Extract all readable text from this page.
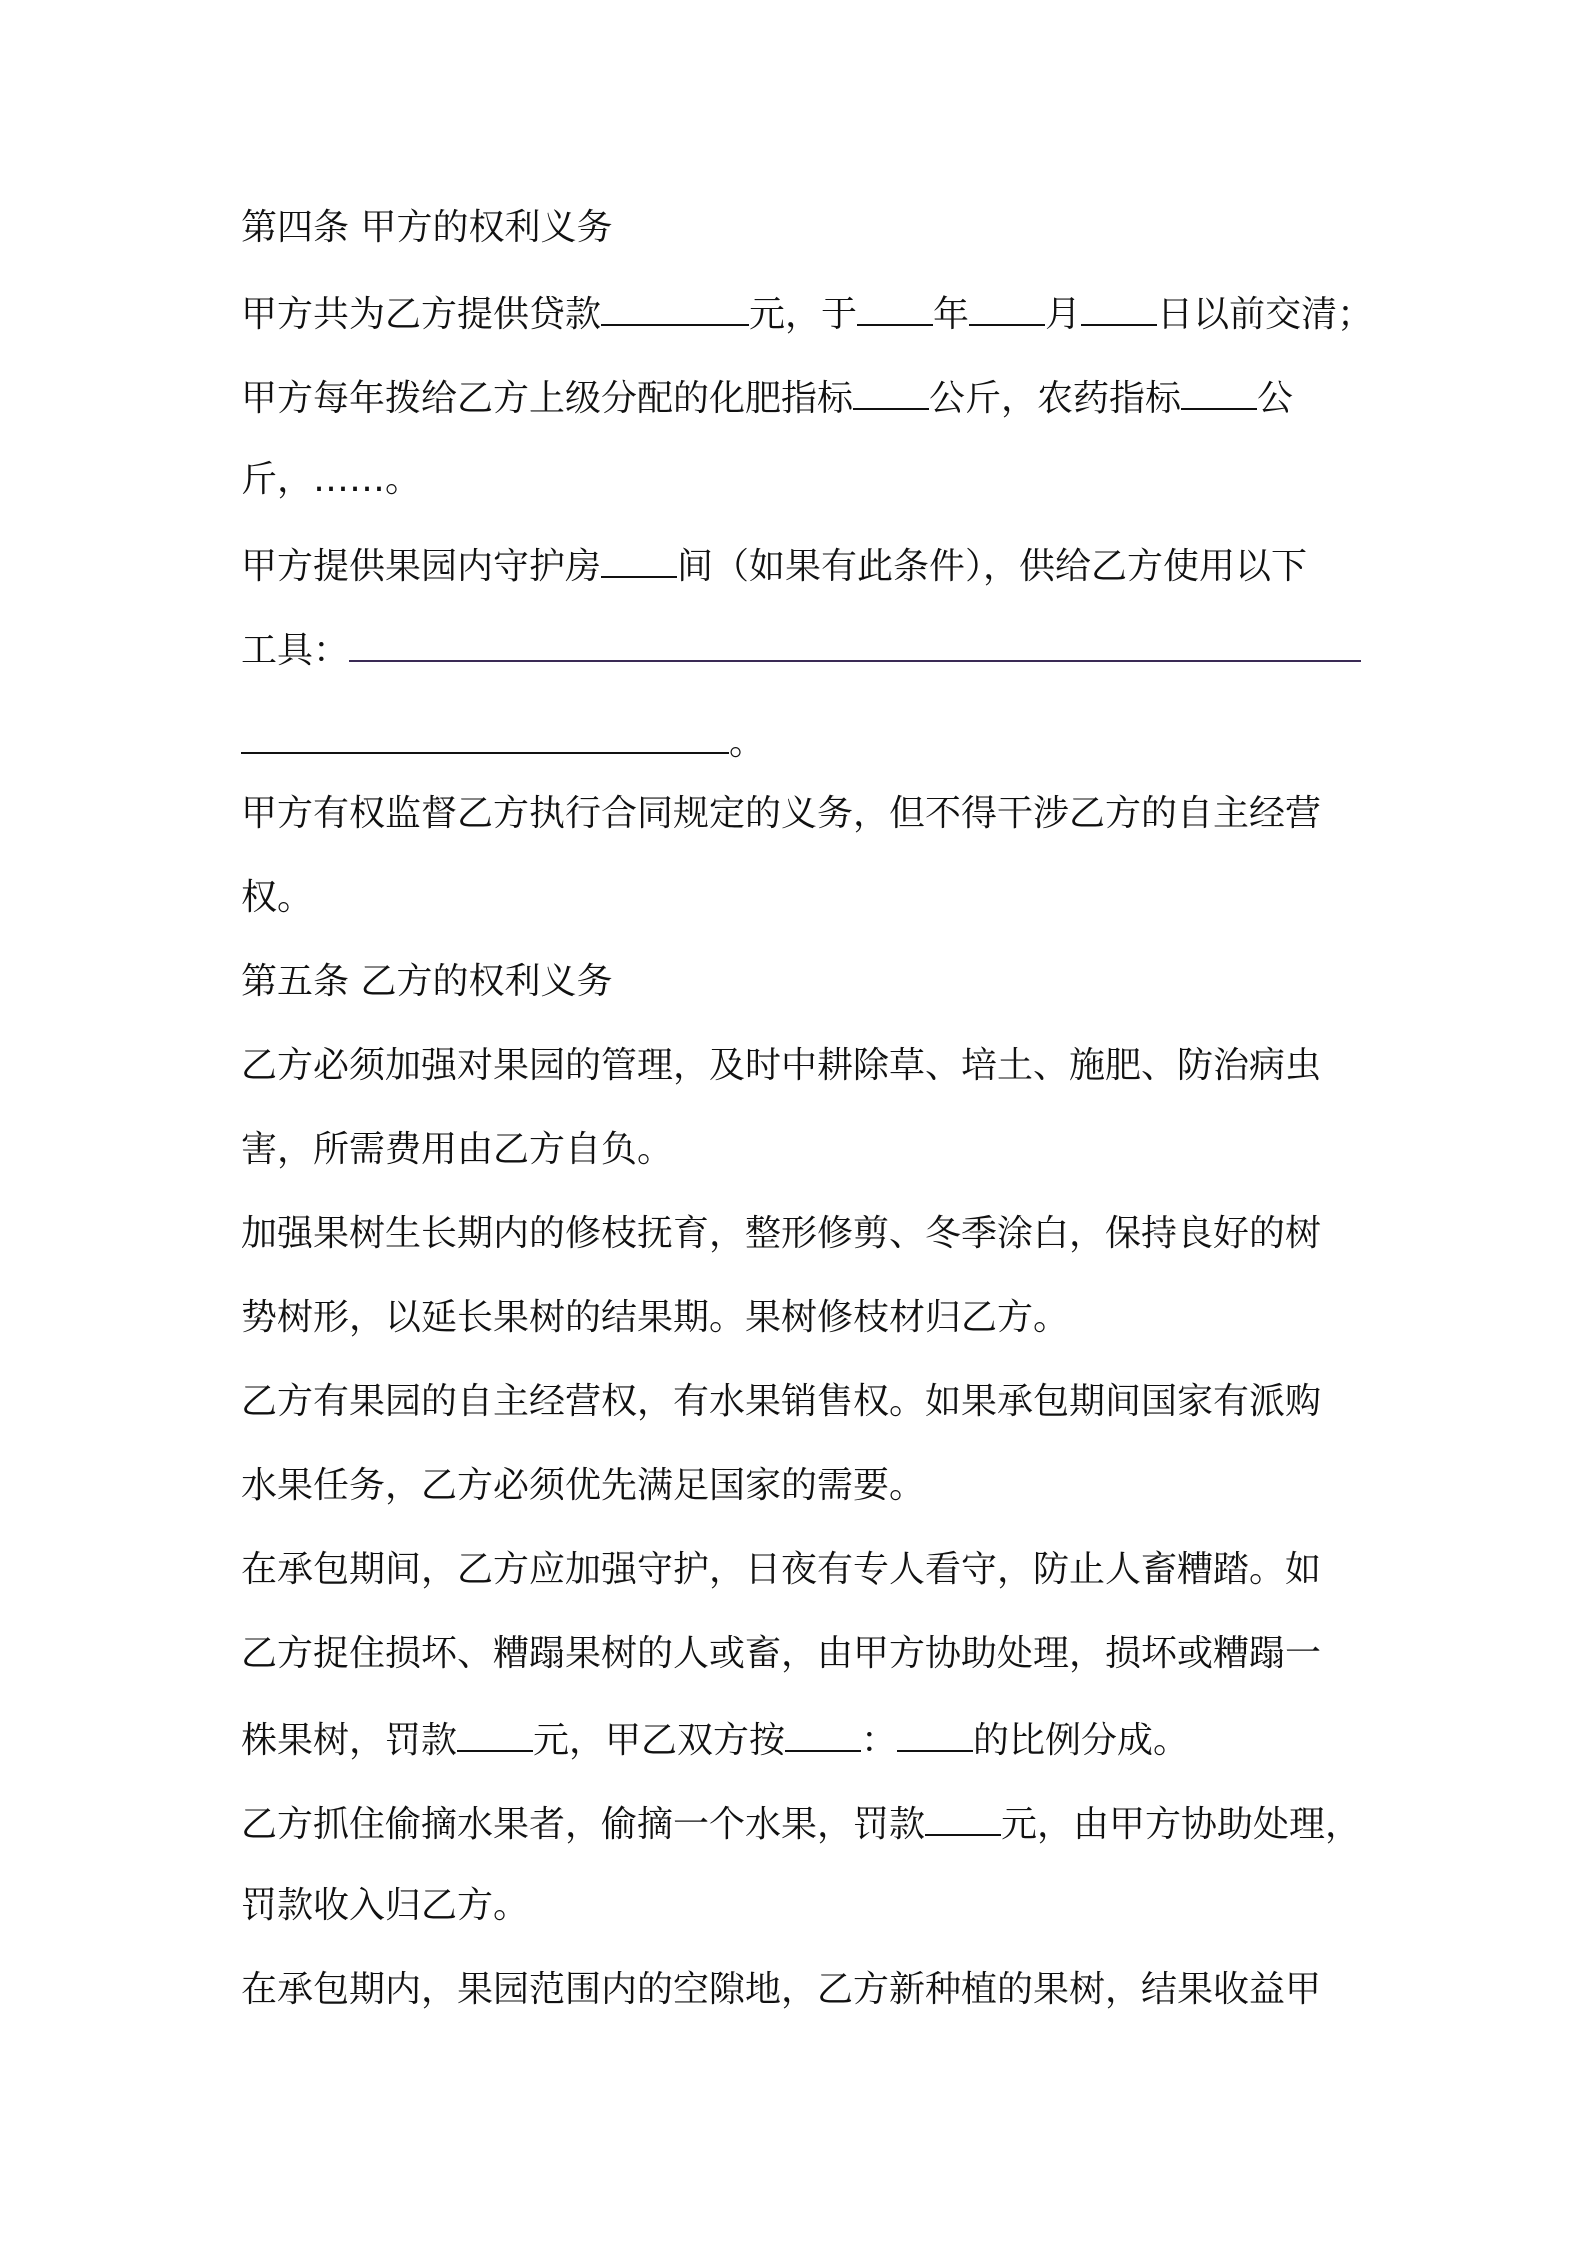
第四条 甲方的权利义务
甲方共为乙方提供贷款	元，于 年 月 日以前交清；
甲方每年拨给乙方上级分配的化肥指标 公斤，农药指标 公
斤，……。
甲方提供果园内守护房 间（如果有此条件），供给乙方使用以下
工具：
。
甲方有权监督乙方执行合同规定的义务，但不得干涉乙方的自主经营
权。
第五条 乙方的权利义务
乙方必须加强对果园的管理，及时中耕除草、培土、施肥、防治病虫
害，所需费用由乙方自负。
加强果树生长期内的修枝抚育，整形修剪、冬季涂白，保持良好的树
势树形，以延长果树的结果期。果树修枝材归乙方。
乙方有果园的自主经营权，有水果销售权。如果承包期间国家有派购
水果任务，乙方必须优先满足国家的需要。
在承包期间，乙方应加强守护，日夜有专人看守，防止人畜糟踏。如
乙方捉住损坏、糟蹋果树的人或畜，由甲方协助处理，损坏或糟蹋一
株果树，罚款 元，甲乙双方按 ： 的比例分成。
乙方抓住偷摘水果者，偷摘一个水果，罚款 元，由甲方协助处理，
罚款收入归乙方。
在承包期内，果园范围内的空隙地，乙方新种植的果树，结果收益甲
